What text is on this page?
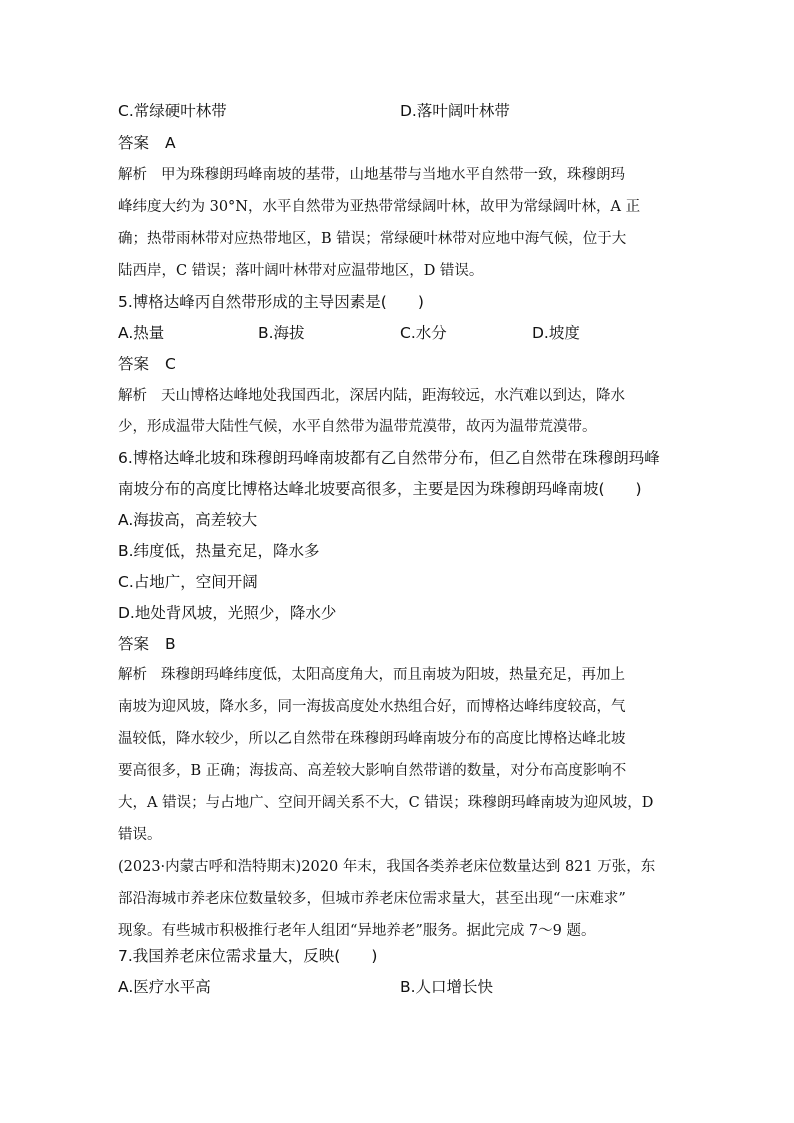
C.常绿硬叶林带	D.落叶阔叶林带
答案 A
解析 甲为珠穆朗玛峰南坡的基带，山地基带与当地水平自然带一致，珠穆朗玛
峰纬度大约为 30°N，水平自然带为亚热带常绿阔叶林，故甲为常绿阔叶林，A 正
确；热带雨林带对应热带地区，B 错误；常绿硬叶林带对应地中海气候，位于大
陆西岸，C 错误；落叶阔叶林带对应温带地区，D 错误。
5.博格达峰丙自然带形成的主导因素是(　　)
A.热量	B.海拔	C.水分	D.坡度
答案 C
解析 天山博格达峰地处我国西北，深居内陆，距海较远，水汽难以到达，降水
少，形成温带大陆性气候，水平自然带为温带荒漠带，故丙为温带荒漠带。
6.博格达峰北坡和珠穆朗玛峰南坡都有乙自然带分布，但乙自然带在珠穆朗玛峰
南坡分布的高度比博格达峰北坡要高很多，主要是因为珠穆朗玛峰南坡(　　)
A.海拔高，高差较大
B.纬度低，热量充足，降水多
C.占地广，空间开阔
D.地处背风坡，光照少，降水少
答案 B
解析 珠穆朗玛峰纬度低，太阳高度角大，而且南坡为阳坡，热量充足，再加上
南坡为迎风坡，降水多，同一海拔高度处水热组合好，而博格达峰纬度较高，气
温较低，降水较少，所以乙自然带在珠穆朗玛峰南坡分布的高度比博格达峰北坡
要高很多，B 正确；海拔高、高差较大影响自然带谱的数量，对分布高度影响不
大，A 错误；与占地广、空间开阔关系不大，C 错误；珠穆朗玛峰南坡为迎风坡，D
错误。
(2023·内蒙古呼和浩特期末)2020 年末，我国各类养老床位数量达到 821 万张，东
部沿海城市养老床位数量较多，但城市养老床位需求量大，甚至出现“一床难求”
现象。有些城市积极推行老年人组团“异地养老”服务。据此完成 7～9 题。
7.我国养老床位需求量大，反映(　　)
A.医疗水平高	B.人口增长快
